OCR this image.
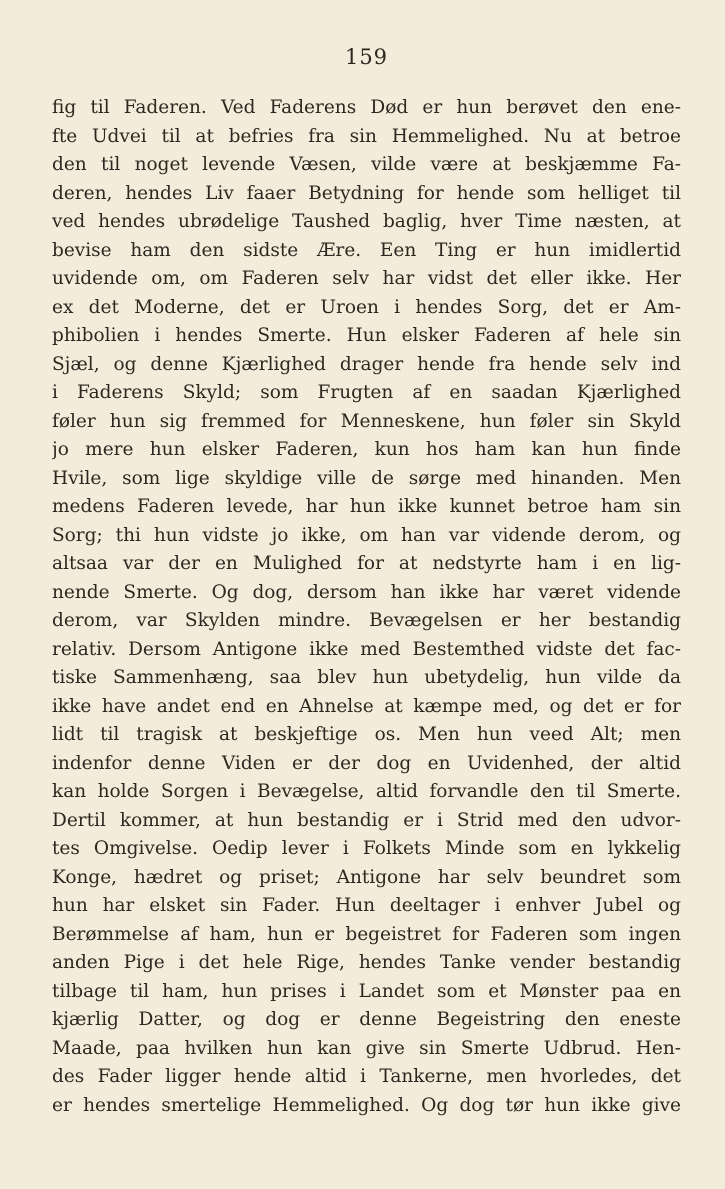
159
fig til Faderen. Ved Faderens Død er hun berøvet den ene-
fte Udvei til at befries fra sin Hemmelighed. Nu at betroe
den til noget levende Væsen, vilde være at beskjæmme Fa-
deren, hendes Liv faaer Betydning for hende som helliget til
ved hendes ubrødelige Taushed baglig, hver Time næsten, at
bevise ham den sidste Ære. Een Ting er hun imidlertid
uvidende om, om Faderen selv har vidst det eller ikke. Her
ex det Moderne, det er Uroen i hendes Sorg, det er Am-
phibolien i hendes Smerte. Hun elsker Faderen af hele sin
Sjæl, og denne Kjærlighed drager hende fra hende selv ind
i Faderens Skyld; som Frugten af en saadan Kjærlighed
føler hun sig fremmed for Menneskene, hun føler sin Skyld
jo mere hun elsker Faderen, kun hos ham kan hun finde
Hvile, som lige skyldige ville de sørge med hinanden. Men
medens Faderen levede, har hun ikke kunnet betroe ham sin
Sorg; thi hun vidste jo ikke, om han var vidende derom, og
altsaa var der en Mulighed for at nedstyrte ham i en lig-
nende Smerte. Og dog, dersom han ikke har været vidende
derom, var Skylden mindre. Bevægelsen er her bestandig
relativ. Dersom Antigone ikke med Bestemthed vidste det fac-
tiske Sammenhæng, saa blev hun ubetydelig, hun vilde da
ikke have andet end en Ahnelse at kæmpe med, og det er for
lidt til tragisk at beskjeftige os. Men hun veed Alt; men
indenfor denne Viden er der dog en Uvidenhed, der altid
kan holde Sorgen i Bevægelse, altid forvandle den til Smerte.
Dertil kommer, at hun bestandig er i Strid med den udvor-
tes Omgivelse. Oedip lever i Folkets Minde som en lykkelig
Konge, hædret og priset; Antigone har selv beundret som
hun har elsket sin Fader. Hun deeltager i enhver Jubel og
Berømmelse af ham, hun er begeistret for Faderen som ingen
anden Pige i det hele Rige, hendes Tanke vender bestandig
tilbage til ham, hun prises i Landet som et Mønster paa en
kjærlig Datter, og dog er denne Begeistring den eneste
Maade, paa hvilken hun kan give sin Smerte Udbrud. Hen-
des Fader ligger hende altid i Tankerne, men hvorledes, det
er hendes smertelige Hemmelighed. Og dog tør hun ikke give
